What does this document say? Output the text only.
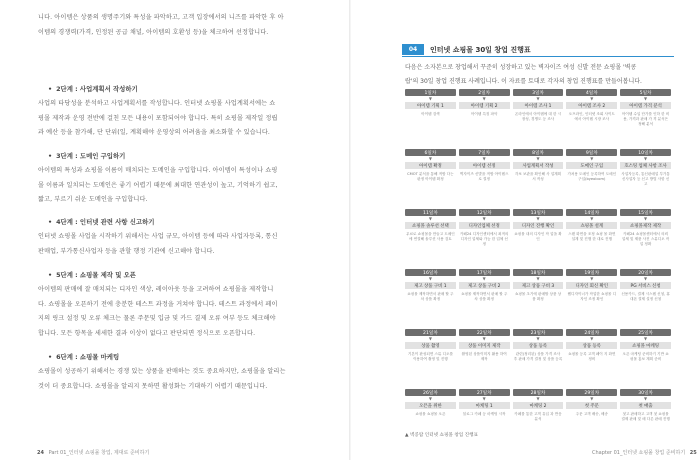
니다. 아이템은 상품의 생명주기와 특성을 파악하고, 고객 입장에서의 니즈를 파악한 후 아
이템의 경쟁력(가격, 인정된 공급 채널, 아이템의 호환성 등)을 체크하여 선정합니다.
• 2단계 : 사업계획서 작성하기
사업의 타당성을 분석하고 사업계획서를 작성합니다. 인터넷 쇼핑몰 사업계획서에는 쇼
핑몰 제작과 운영 전반에 걸친 모든 내용이 포함되어야 합니다. 특히 쇼핑몰 제작일 정립
과 예산 등을 참가해, 단 단위(일, 계획해야 운영상의 어려움을 최소화할 수 있습니다.
• 3단계 : 도메인 구입하기
아이템의 특성과 쇼핑몰 이름이 매치되는 도메인을 구입합니다. 아이템이 특성이나 쇼핑
몰 이름과 일치되는 도메인은 좋기 어렵기 때문에 최대한 연관성이 높고, 기억하기 쉽고,
짧고, 부르기 쉬운 도메인을 구입합니다.
• 4단계 : 인터넷 관련 사항 신고하기
인터넷 쇼핑몰 사업을 시작하기 위해서는 사업 규모, 아이템 등에 따라 사업자등록, 통신
판매업, 부가통신사업자 등을 관할 행정 기관에 신고해야 합니다.
• 5단계 : 쇼핑몰 제작 및 오픈
아이템의 판매에 잘 매치되는 디자인 색상, 레이아웃 등을 고려하여 쇼핑몰을 제작합니
다. 쇼핑몰을 오픈하기 전에 충분한 테스트 과정을 거쳐야 합니다. 테스트 과정에서 페이
지의 링크 설정 및 오류 체크는 물론 주문및 입금 및 카드 결제 오류 여부 등도 체크해야
합니다. 모든 항목을 세세한 결과 이상이 없다고 판단되면 정식으로 오픈합니다.
• 6단계 : 쇼핑몰 마케팅
쇼핑몰이 성공하기 위해서는 경쟁 있는 상품을 판매하는 것도 중요하지만, 쇼핑몰을 알리는
것이 더 중요합니다. 쇼핑몰을 알리지 못하면 활성화는 기대하기 어렵기 때문입니다.
24 Part 01_인터넷 쇼핑몰 창업, 제대로 준비하기
04	인터넷 쇼핑몰 30일 창업 진행표
다음은 소자본으로 창업해서 꾸준히 성장하고 있는 벽자이즈 여성 신발 전문 쇼핑몰 '벽콩
랍'의 30일 창업 진행표 사례입니다. 이 자료를 토대로 각자의 창업 진행표를 만들어봅니다.
1일차
▼
아이템 기획 1
아이템 검색
2일차
▼
아이템 기획 2
아이템 특징 파악
3일차
▼
아이템 조사 1
온라인에서 아이템에 대 한 시장성, 경쟁도 등 조사
4일차
▼
아이템 조사 2
오프라인, 인터넷 조회 사이트에서 아이템 시장 조사
5일차
▼
아이템 가격 분석
아이템 수입 단가를 인하 한 비용, 가격과 판매 가 격 분석은 정해 분석
6일차
▼
아이템 확정
CMOT 분석을 통해 적합 다는 판정 아이템 확정
7일차
▼
아이템 선정
벽자이즈 신발을 적합 아이템으로 결정
8일차
▼
사업계획서 작성
각보 보관을 확인해 사 업계획서 작성
9일차
▼
도메인 구입
가처용 도메인 등록하여 도메인 구입(byeolcom)
10일차
▼
호스팅 업체 사항 조사
사업자등록, 통신판매업 부가통신사업자 등 신고 방법 사항 신고
11일차
▼
쇼핑몰 솔루션 선택
무료로 쇼핑몰을 만들고 도메인에 연결해 솔루션 사용 검토
12일차
▼
디자인업체 선정
카페24 디자인센터에서 최적의 디자인 업체와 가능 한 업체 선정
13일차
▼
디자인 진행 확인
쇼핑몰 내의 디자인 작 업을 확인
14일차
▼
쇼핑몰 설계
스탠 화면을 조정 쇼핑 몰 화면 설계 및 진행 한 대로 진행
15일차
▼
쇼핑몰제작 제작
카페24 쇼핑몰센터에서 의뢰 업체 및 제품 사진 스튜디오 작업 정확
16일차
▼
제고 상품 구비 1
쇼핑몰 제작하면서 판매 할 주차 상품 확정
17일차
▼
제고 상품 구비 2
쇼핑몰 제작하면서 판매 할 주차 상품 확정
18일차
▼
제고 상품 구비 3
쇼핑몰 초기에 판매할 상품 상품 확정
19일차
▼
디자인 회신 확인
웹디자이너가 작업한 쇼핑몰 디자인 조정 확인
20일차
▼
PG 서비스 신청
신용카드, 결제 시스템 신청, 휴대폰 결제 설정 신청
21일차
▼
상품 촬영
기본이 완성되면 스튜 디오를 이용하여 촬영 및 진행
22일차
▼
상품 이미지 제작
촬영된 상품이미지 활용 하여 제작
23일차
▼
상품 등록
관련(정리된) 상품 가격 조사 후 판매 가격 결정 및 상품 등록
24일차
▼
상품 등록
쇼핑몰 등록 고객 페이 지 화면 정비
25일차
▼
쇼핑몰 마케팅
오픈 마케팅 준비하기 기반 쇼핑몰 홍보 계획 준비
26일차
▼
오픈을 위한
쇼핑몰 쇼핑몰 오픈
27일차
▼
마케팅 1
블로그 카페 등 마케팅 시작
28일차
▼
마케팅 2
카페를 통한 고객 유입 과 반응 분석
29일차
▼
첫 주문
주문 고객 배송, 배송
30일차
▼
첫 매출
첫고 판매하고 고객 첫 쇼핑몰 결제 판매 및 매 다른 판매 진행
▲ 벽콩랍 인터넷 쇼핑몰 창업 진행표
Chapter 01_인터넷 쇼핑몰 창업 준비하기 25
